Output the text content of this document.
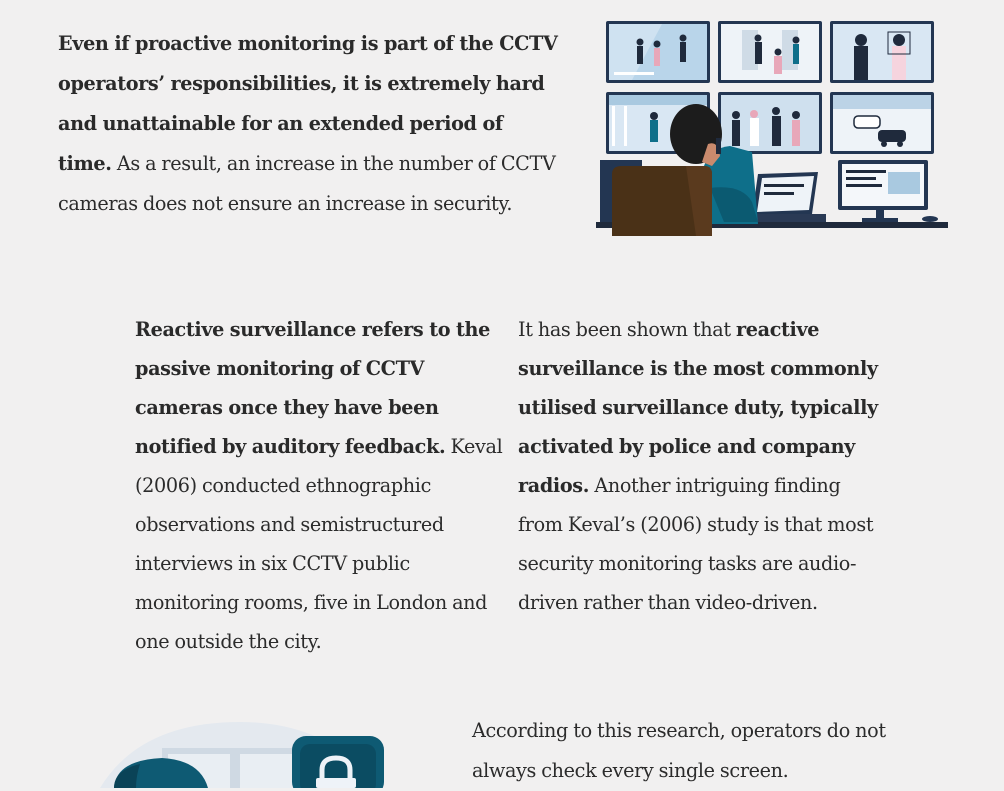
Even if proactive monitoring is part of the CCTV operators’ responsibilities, it is extremely hard and unattainable for an extended period of time. As a result, an increase in the number of CCTV cameras does not ensure an increase in security.

Reactive surveillance refers to the passive monitoring of CCTV cameras once they have been notified by auditory feedback. Keval (2006) conducted ethnographic observations and semistructured interviews in six CCTV public monitoring rooms, five in London and one outside the city.

It has been shown that reactive surveillance is the most commonly utilised surveillance duty, typically activated by police and company radios. Another intriguing finding from Keval’s (2006) study is that most security monitoring tasks are audio-driven rather than video-driven.

According to this research, operators do not always check every single screen.
